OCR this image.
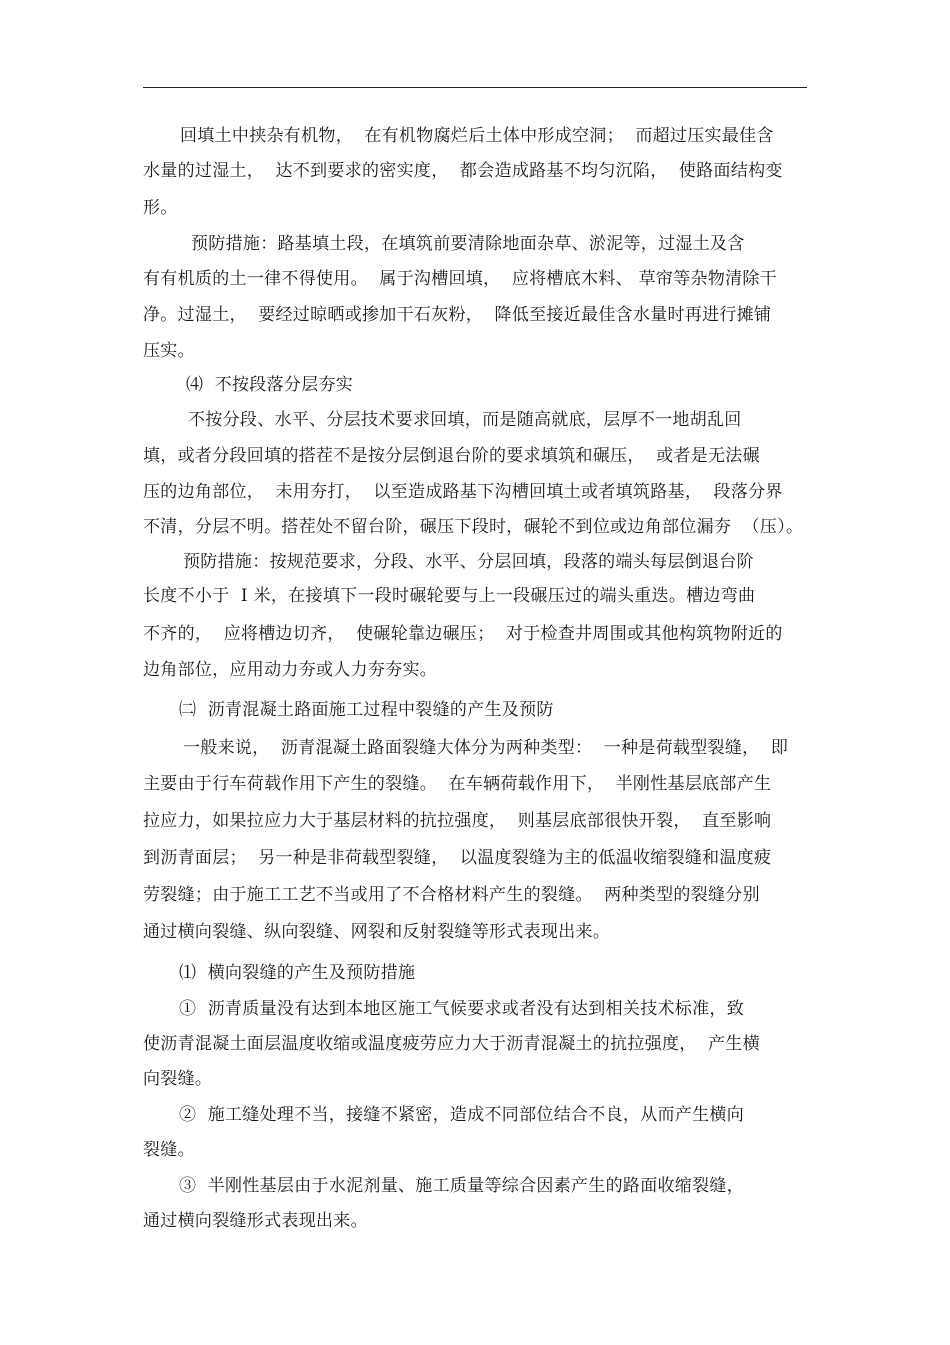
回填土中挟杂有机物，  在有机物腐烂后土体中形成空洞；  而超过压实最佳含
水量的过湿土，  达不到要求的密实度，  都会造成路基不均匀沉陷，  使路面结构变
形。
预防措施：路基填土段，在填筑前要清除地面杂草、淤泥等，过湿土及含
有有机质的土一律不得使用。  属于沟槽回填，  应将槽底木料、 草帘等杂物清除干
净。过湿土，  要经过晾晒或掺加干石灰粉，  降低至接近最佳含水量时再进行摊铺
压实。
⑷  不按段落分层夯实
不按分段、水平、分层技术要求回填，而是随高就底，层厚不一地胡乱回
填，或者分段回填的搭茬不是按分层倒退台阶的要求填筑和碾压，  或者是无法碾
压的边角部位，  未用夯打，  以至造成路基下沟槽回填土或者填筑路基，  段落分界
不清，分层不明。搭茬处不留台阶，碾压下段时，碾轮不到位或边角部位漏夯  （压）。
预防措施：按规范要求，分段、水平、分层回填，段落的端头每层倒退台阶
长度不小于  I 米，在接填下一段时碾轮要与上一段碾压过的端头重迭。槽边弯曲
不齐的，  应将槽边切齐，  使碾轮靠边碾压；  对于检查井周围或其他构筑物附近的
边角部位，应用动力夯或人力夯夯实。
㈡  沥青混凝土路面施工过程中裂缝的产生及预防
一般来说，  沥青混凝土路面裂缝大体分为两种类型：  一种是荷载型裂缝，  即
主要由于行车荷载作用下产生的裂缝。  在车辆荷载作用下，  半刚性基层底部产生
拉应力，如果拉应力大于基层材料的抗拉强度，  则基层底部很快开裂，  直至影响
到沥青面层；  另一种是非荷载型裂缝，  以温度裂缝为主的低温收缩裂缝和温度疲
劳裂缝；由于施工工艺不当或用了不合格材料产生的裂缝。  两种类型的裂缝分别
通过横向裂缝、纵向裂缝、网裂和反射裂缝等形式表现出来。
⑴  横向裂缝的产生及预防措施
①  沥青质量没有达到本地区施工气候要求或者没有达到相关技术标准，致
使沥青混凝土面层温度收缩或温度疲劳应力大于沥青混凝土的抗拉强度，  产生横
向裂缝。
②  施工缝处理不当，接缝不紧密，造成不同部位结合不良，从而产生横向
裂缝。
③  半刚性基层由于水泥剂量、施工质量等综合因素产生的路面收缩裂缝，
通过横向裂缝形式表现出来。
